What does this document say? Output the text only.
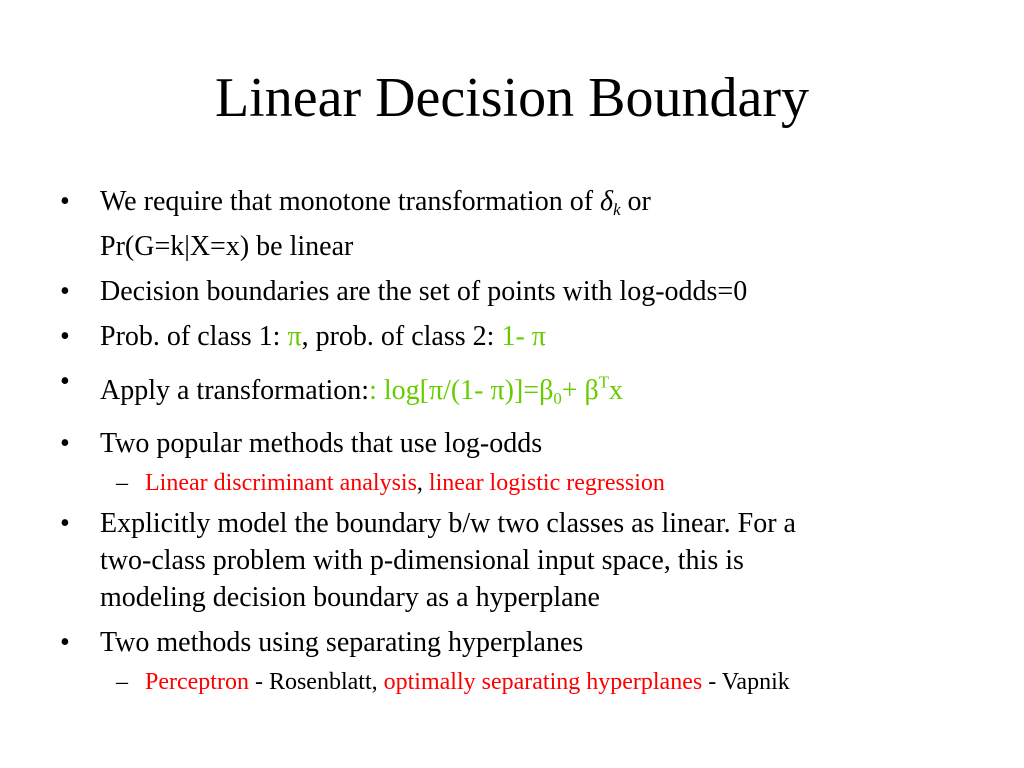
Linear Decision Boundary
• We require that monotone transformation of $\delta_k$ or
Pr(G=k|X=x) be linear
• Decision boundaries are the set of points with log-odds=0
• Prob. of class 1: π, prob. of class 2: 1- π
• Apply a transformation:: log[π/(1- $\pi)]=\beta_0+ \beta^Tx$
• Two popular methods that use log-odds
– Linear discriminant analysis, linear logistic regression
• Explicitly model the boundary b/w two classes as linear. For a
two-class problem with p-dimensional input space, this is
modeling decision boundary as a hyperplane
• Two methods using separating hyperplanes
– Perceptron - Rosenblatt, optimally separating hyperplanes - Vapnik
